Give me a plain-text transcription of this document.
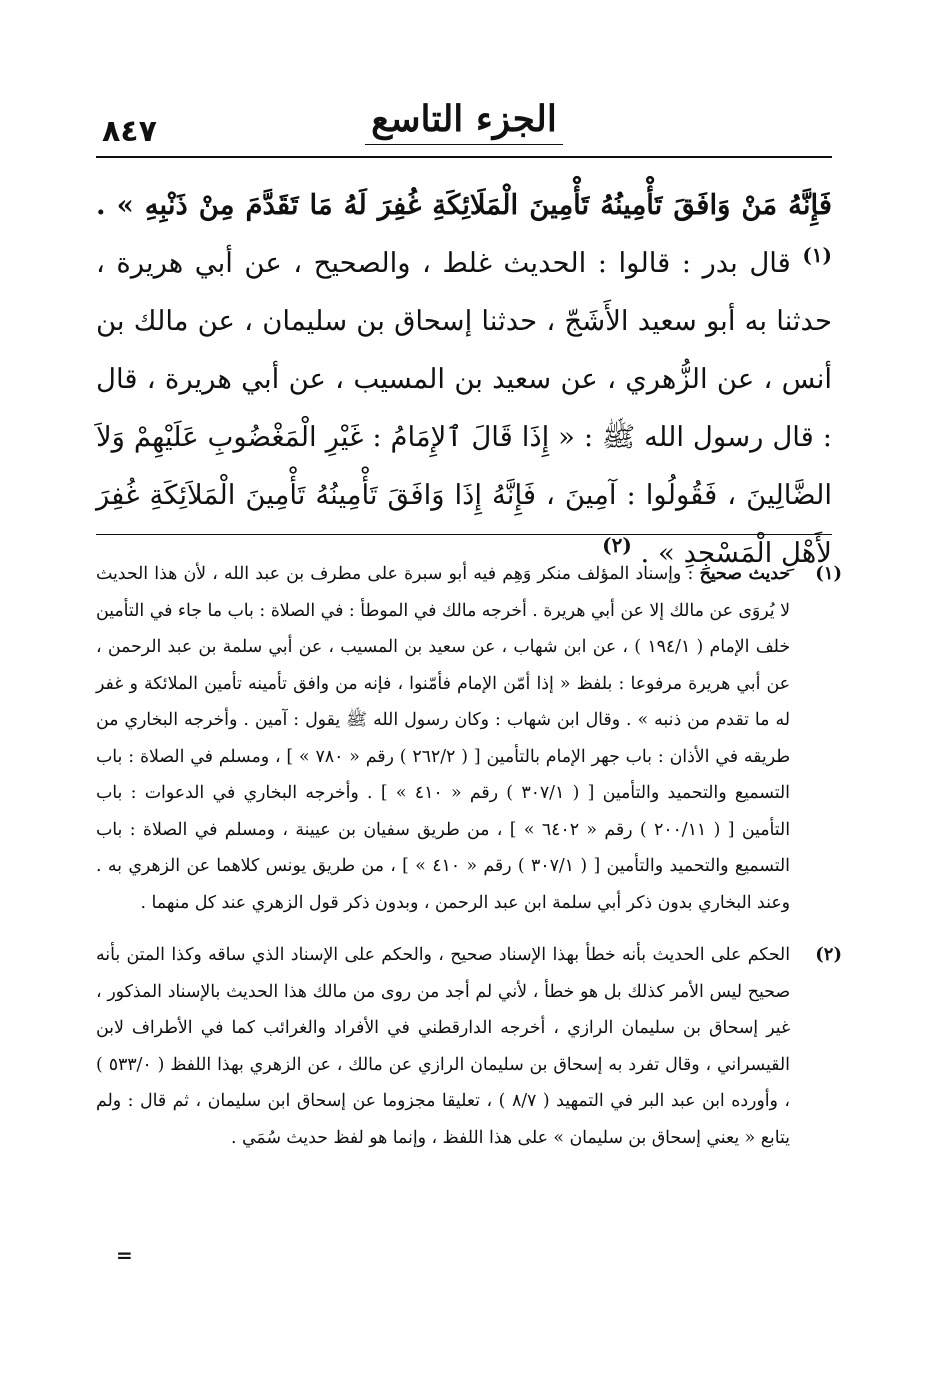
٨٤٧	الجزء التاسع

فَإِنَّهُ مَنْ وَافَقَ تَأْمِينُهُ تَأْمِينَ الْمَلَائِكَةِ غُفِرَ لَهُ مَا تَقَدَّمَ مِنْ ذَنْبِهِ » . $^{(١)}$ قال بدر : قالوا : الحديث غلط ، والصحيح ، عن أبي هريرة ، حدثنا به أبو سعيد الأَشَجّ ، حدثنا إسحاق بن سليمان ، عن مالك بن أنس ، عن الزُّهري ، عن سعيد بن المسيب ، عن أبي هريرة ، قال : قال رسول الله ﷺ : « إِذَا قَالَ ٱلإِمَامُ : غَيْرِ الْمَغْضُوبِ عَلَيْهِمْ وَلاَ الضَّالِينَ ، فَقُولُوا : آمِينَ ، فَإِنَّهُ إِذَا وَافَقَ تَأْمِينُهُ تَأْمِينَ الْمَلاَئِكَةِ غُفِرَ لأَهْلِ الْمَسْجِدِ » . $^{(٢)}$

(١)
حديث صحيح : وإسناد المؤلف منكر وَهِم فيه أبو سبرة على مطرف بن عبد الله ، لأن هذا الحديث لا يُروَى عن مالك إلا عن أبي هريرة . أخرجه مالك في الموطأ : في الصلاة : باب ما جاء في التأمين خلف الإمام ( ١٩٤/١ ) ، عن ابن شهاب ، عن سعيد بن المسيب ، عن أبي سلمة بن عبد الرحمن ، عن أبي هريرة مرفوعا : بلفظ « إذا أمّن الإمام فأمّنوا ، فإنه من وافق تأمينه تأمين الملائكة و غفر له ما تقدم من ذنبه » . وقال ابن شهاب : وكان رسول الله ﷺ يقول : آمين . وأخرجه البخاري من طريقه في الأذان : باب جهر الإمام بالتأمين [ ( ٢٦٢/٢ ) رقم « ٧٨٠ » ] ، ومسلم في الصلاة : باب التسميع والتحميد والتأمين [ ( ٣٠٧/١ ) رقم « ٤١٠ » ] . وأخرجه البخاري في الدعوات : باب التأمين [ ( ٢٠٠/١١ ) رقم « ٦٤٠٢ » ] ، من طريق سفيان بن عيينة ، ومسلم في الصلاة : باب التسميع والتحميد والتأمين [ ( ٣٠٧/١ ) رقم « ٤١٠ » ] ، من طريق يونس كلاهما عن الزهري به . وعند البخاري بدون ذكر أبي سلمة ابن عبد الرحمن ، وبدون ذكر قول الزهري عند كل منهما .
(٢)
الحكم على الحديث بأنه خطأ بهذا الإسناد صحيح ، والحكم على الإسناد الذي ساقه وكذا المتن بأنه صحيح ليس الأمر كذلك بل هو خطأ ، لأني لم أجد من روى من مالك هذا الحديث بالإسناد المذكور ، غير إسحاق بن سليمان الرازي ، أخرجه الدارقطني في الأفراد والغرائب كما في الأطراف لابن القيسراني ، وقال تفرد به إسحاق بن سليمان الرازي عن مالك ، عن الزهري بهذا اللفظ ( ٥٣٣/٠ ) ، وأورده ابن عبد البر في التمهيد ( ٨/٧ ) ، تعليقا مجزوما عن إسحاق ابن سليمان ، ثم قال : ولم يتابع « يعني إسحاق بن سليمان » على هذا اللفظ ، وإنما هو لفظ حديث سُمَي .
=
